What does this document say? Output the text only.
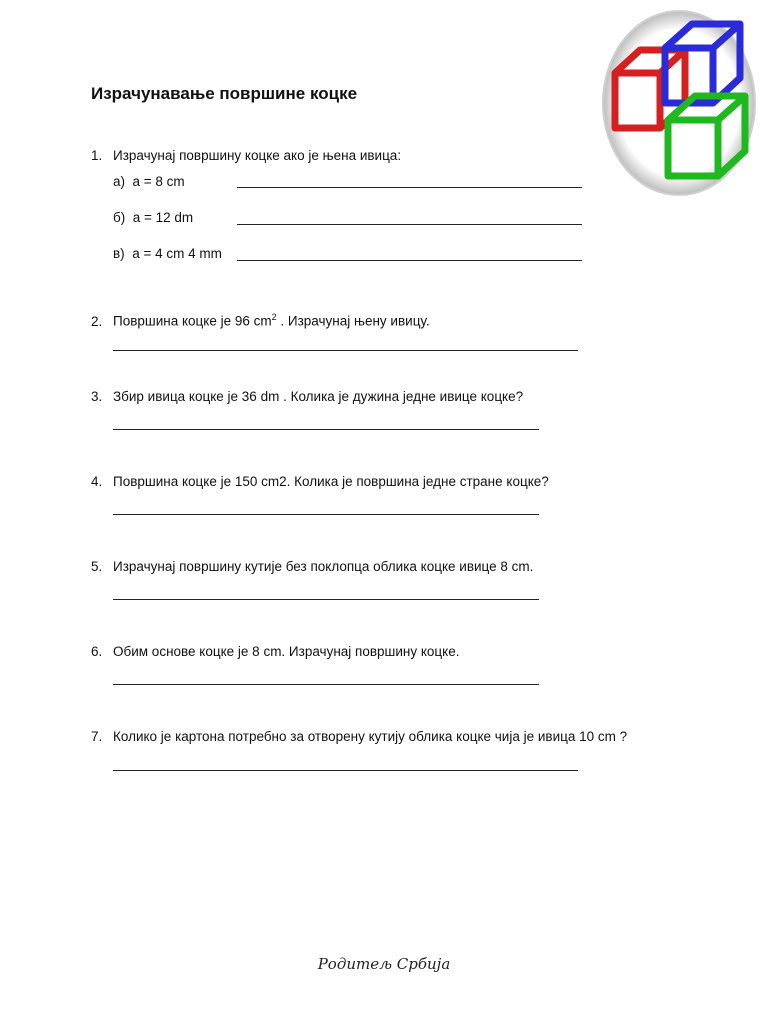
Израчунавање површине коцке
1. Израчунај површину коцке ако је њена ивица:
а) a = 8 cm
б) a = 12 dm
в) a = 4 cm 4 mm
2. Површина коцке је 96 $cm^2$ . Израчунај њену ивицу.
3. Збир ивица коцке је 36 dm . Колика је дужина једне ивице коцке?
4. Површина коцке је 150 cm2. Колика је површина једне стране коцке?
5. Израчунај површину кутије без поклопца облика коцке ивице 8 cm.
6. Обим основе коцке је 8 cm. Израчунај површину коцке.
7. Колико је картона потребно за отворену кутију облика коцке чија је ивица 10 cm ?
Родитељ Србија
